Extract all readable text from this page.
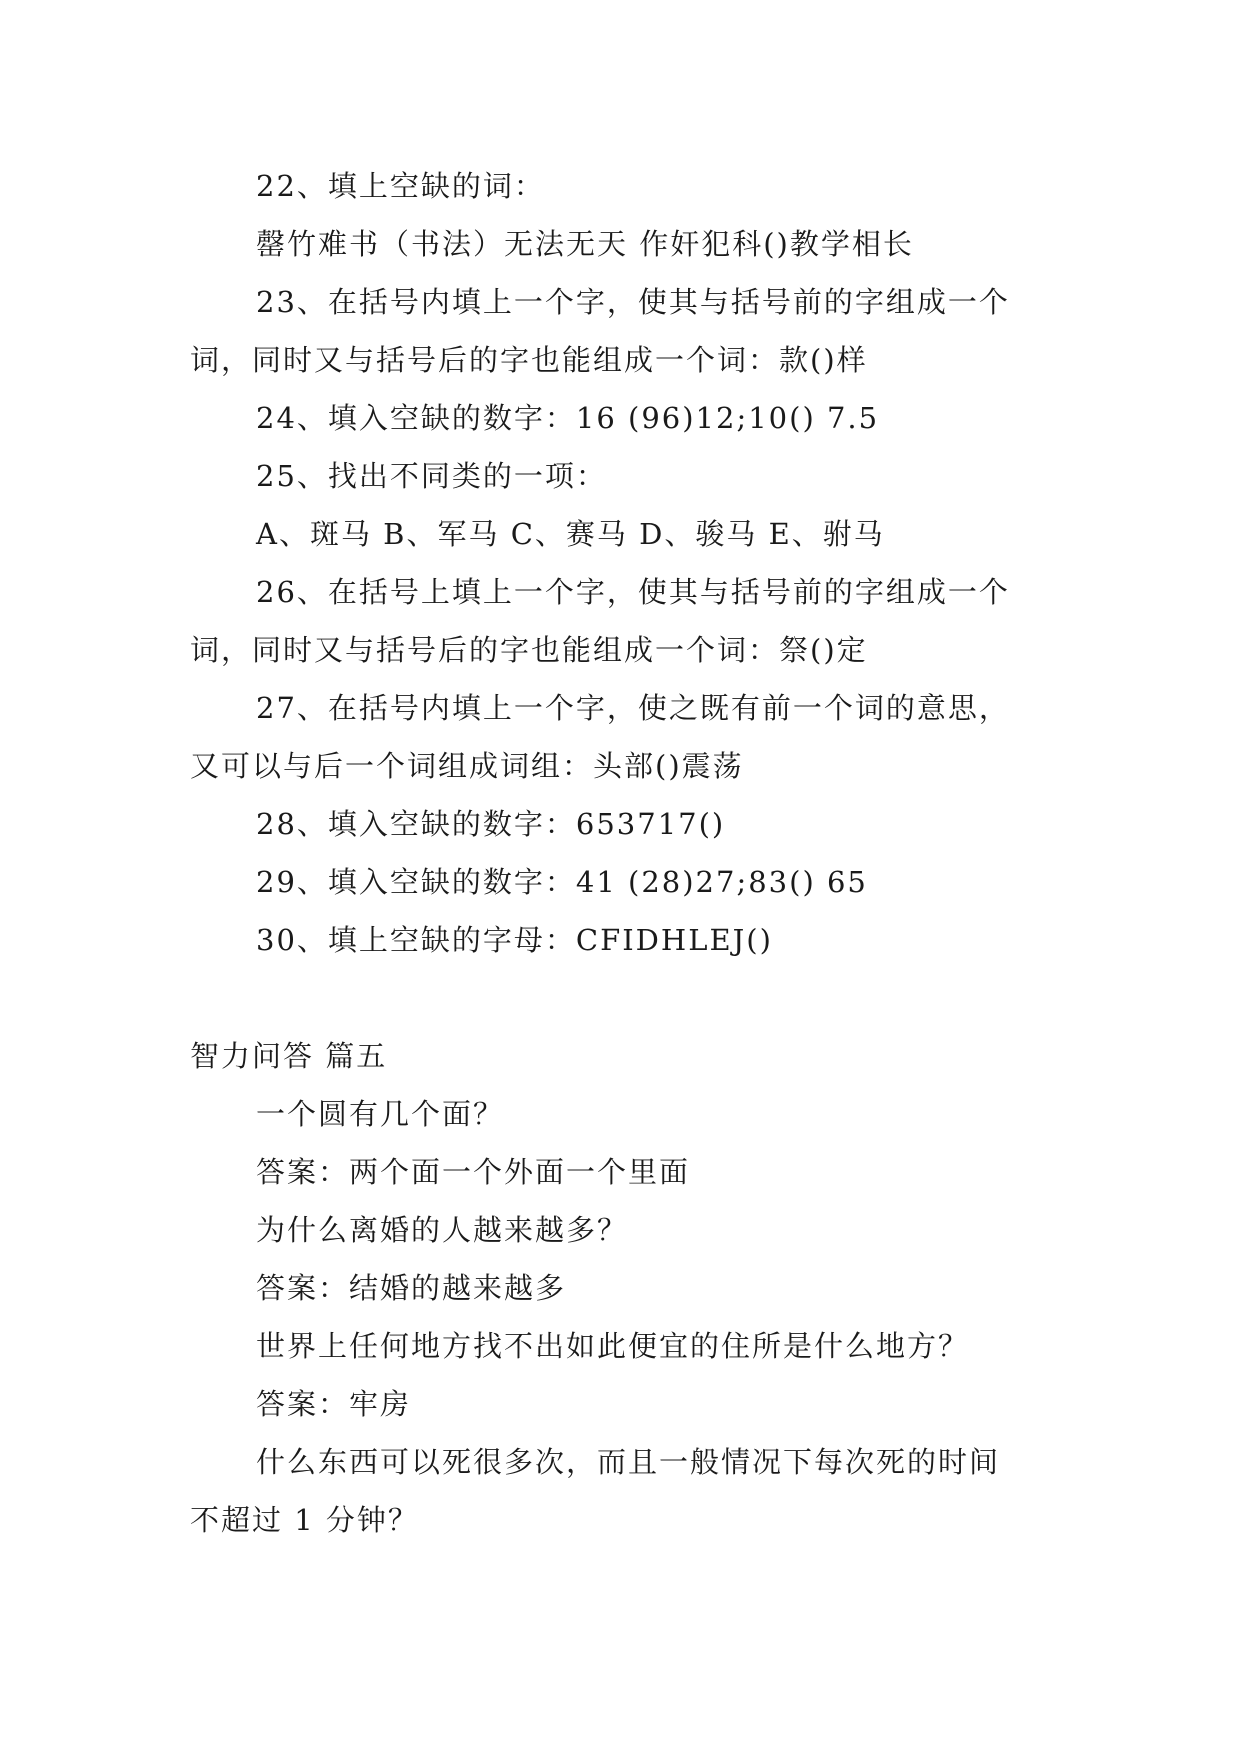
22、填上空缺的词：
罄竹难书（书法）无法无天 作奸犯科()教学相长
23、在括号内填上一个字，使其与括号前的字组成一个
词，同时又与括号后的字也能组成一个词：款()样
24、填入空缺的数字：16 (96)12;10() 7.5
25、找出不同类的一项：
A、斑马 B、军马 C、赛马 D、骏马 E、驸马
26、在括号上填上一个字，使其与括号前的字组成一个
词，同时又与括号后的字也能组成一个词：祭()定
27、在括号内填上一个字，使之既有前一个词的意思，
又可以与后一个词组成词组：头部()震荡
28、填入空缺的数字：653717()
29、填入空缺的数字：41 (28)27;83() 65
30、填上空缺的字母：CFIDHLEJ()
智力问答 篇五
一个圆有几个面？
答案：两个面一个外面一个里面
为什么离婚的人越来越多？
答案：结婚的越来越多
世界上任何地方找不出如此便宜的住所是什么地方？
答案：牢房
什么东西可以死很多次，而且一般情况下每次死的时间
不超过 1 分钟？
